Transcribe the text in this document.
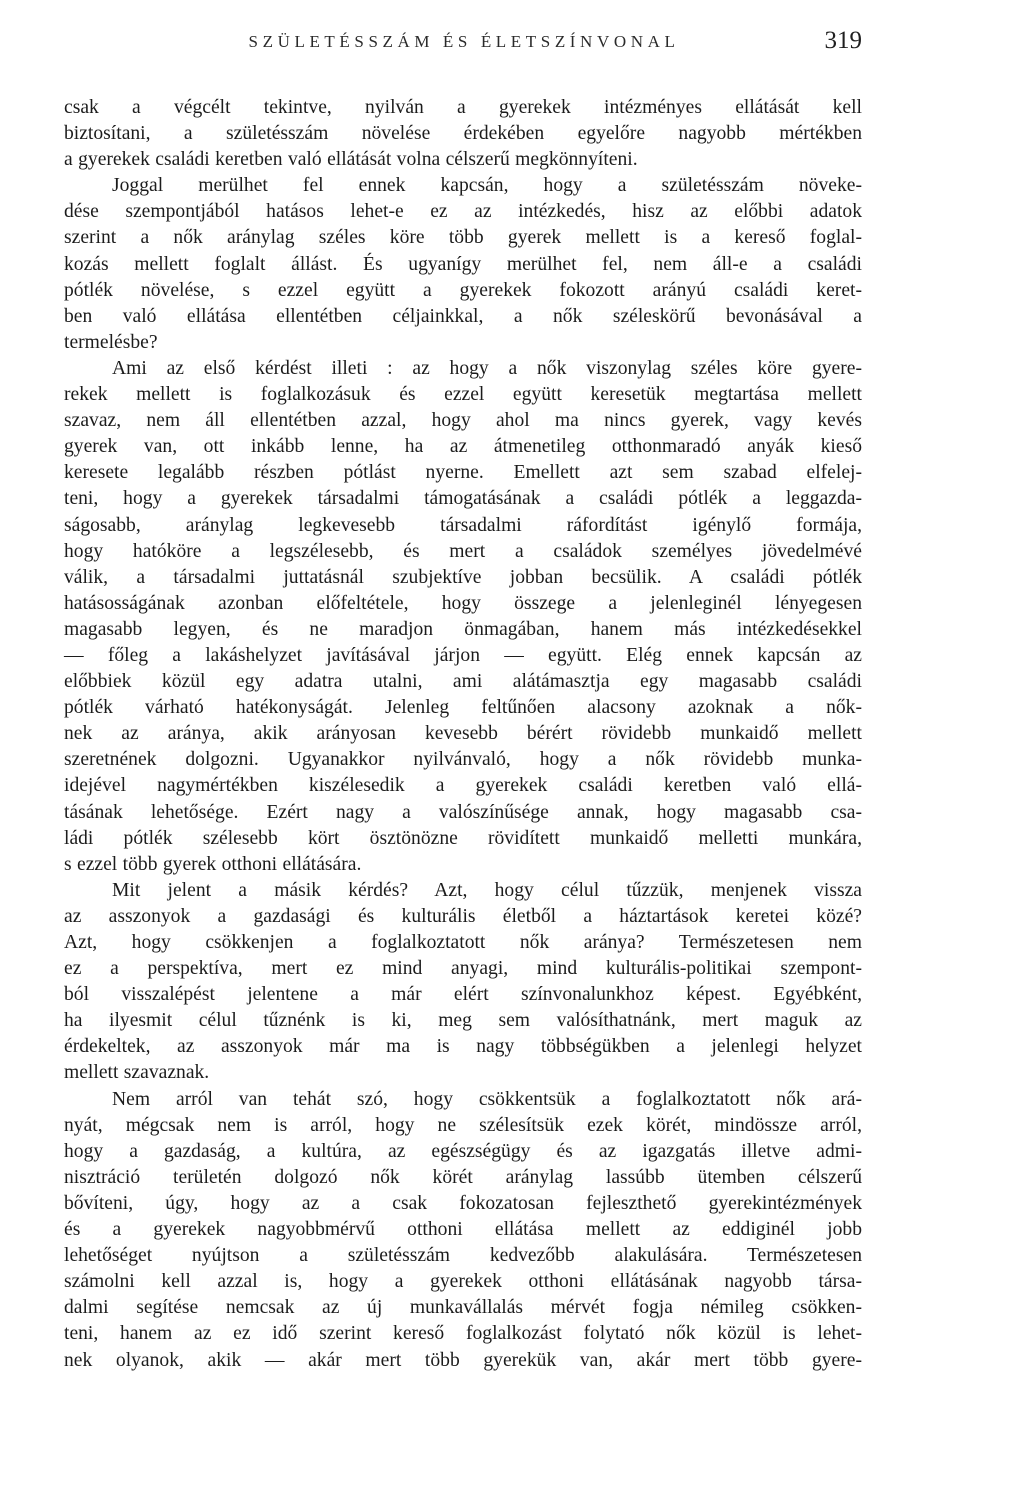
SZÜLETÉSSZÁM ÉS ÉLETSZÍNVONAL	319

csak a végcélt tekintve, nyilván a gyerekek intézményes ellátását kell

biztosítani, a születésszám növelése érdekében egyelőre nagyobb mértékben

a gyerekek családi keretben való ellátását volna célszerű megkönnyíteni.

Joggal merülhet fel ennek kapcsán, hogy a születésszám növeke-

dése szempontjából hatásos lehet-e ez az intézkedés, hisz az előbbi adatok

szerint a nők aránylag széles köre több gyerek mellett is a kereső foglal-

kozás mellett foglalt állást. És ugyanígy merülhet fel, nem áll-e a családi

pótlék növelése, s ezzel együtt a gyerekek fokozott arányú családi keret-

ben való ellátása ellentétben céljainkkal, a nők széleskörű bevonásával a

termelésbe?

Ami az első kérdést illeti : az hogy a nők viszonylag széles köre gyere-

rekek mellett is foglalkozásuk és ezzel együtt keresetük megtartása mellett

szavaz, nem áll ellentétben azzal, hogy ahol ma nincs gyerek, vagy kevés

gyerek van, ott inkább lenne, ha az átmenetileg otthonmaradó anyák kieső

keresete legalább részben pótlást nyerne. Emellett azt sem szabad elfelej-

teni, hogy a gyerekek társadalmi támogatásának a családi pótlék a leggazda-

ságosabb, aránylag legkevesebb társadalmi ráfordítást igénylő formája,

hogy hatóköre a legszélesebb, és mert a családok személyes jövedelmévé

válik, a társadalmi juttatásnál szubjektíve jobban becsülik. A családi pótlék

hatásosságának azonban előfeltétele, hogy összege a jelenleginél lényegesen

magasabb legyen, és ne maradjon önmagában, hanem más intézkedésekkel

— főleg a lakáshelyzet javításával járjon — együtt. Elég ennek kapcsán az

előbbiek közül egy adatra utalni, ami alátámasztja egy magasabb családi

pótlék várható hatékonyságát. Jelenleg feltűnően alacsony azoknak a nők-

nek az aránya, akik arányosan kevesebb bérért rövidebb munkaidő mellett

szeretnének dolgozni. Ugyanakkor nyilvánvaló, hogy a nők rövidebb munka-

idejével nagymértékben kiszélesedik a gyerekek családi keretben való ellá-

tásának lehetősége. Ezért nagy a valószínűsége annak, hogy magasabb csa-

ládi pótlék szélesebb kört ösztönözne rövidített munkaidő melletti munkára,

s ezzel több gyerek otthoni ellátására.

Mit jelent a másik kérdés? Azt, hogy célul tűzzük, menjenek vissza

az asszonyok a gazdasági és kulturális életből a háztartások keretei közé?

Azt, hogy csökkenjen a foglalkoztatott nők aránya? Természetesen nem

ez a perspektíva, mert ez mind anyagi, mind kulturális-politikai szempont-

ból visszalépést jelentene a már elért színvonalunkhoz képest. Egyébként,

ha ilyesmit célul tűznénk is ki, meg sem valósíthatnánk, mert maguk az

érdekeltek, az asszonyok már ma is nagy többségükben a jelenlegi helyzet

mellett szavaznak.

Nem arról van tehát szó, hogy csökkentsük a foglalkoztatott nők ará-

nyát, mégcsak nem is arról, hogy ne szélesítsük ezek körét, mindössze arról,

hogy a gazdaság, a kultúra, az egészségügy és az igazgatás illetve admi-

nisztráció területén dolgozó nők körét aránylag lassúbb ütemben célszerű

bővíteni, úgy, hogy az a csak fokozatosan fejleszthető gyerekintézmények

és a gyerekek nagyobbmérvű otthoni ellátása mellett az eddiginél jobb

lehetőséget nyújtson a születésszám kedvezőbb alakulására. Természetesen

számolni kell azzal is, hogy a gyerekek otthoni ellátásának nagyobb társa-

dalmi segítése nemcsak az új munkavállalás mérvét fogja némileg csökken-

teni, hanem az ez idő szerint kereső foglalkozást folytató nők közül is lehet-

nek olyanok, akik — akár mert több gyerekük van, akár mert több gyere-
